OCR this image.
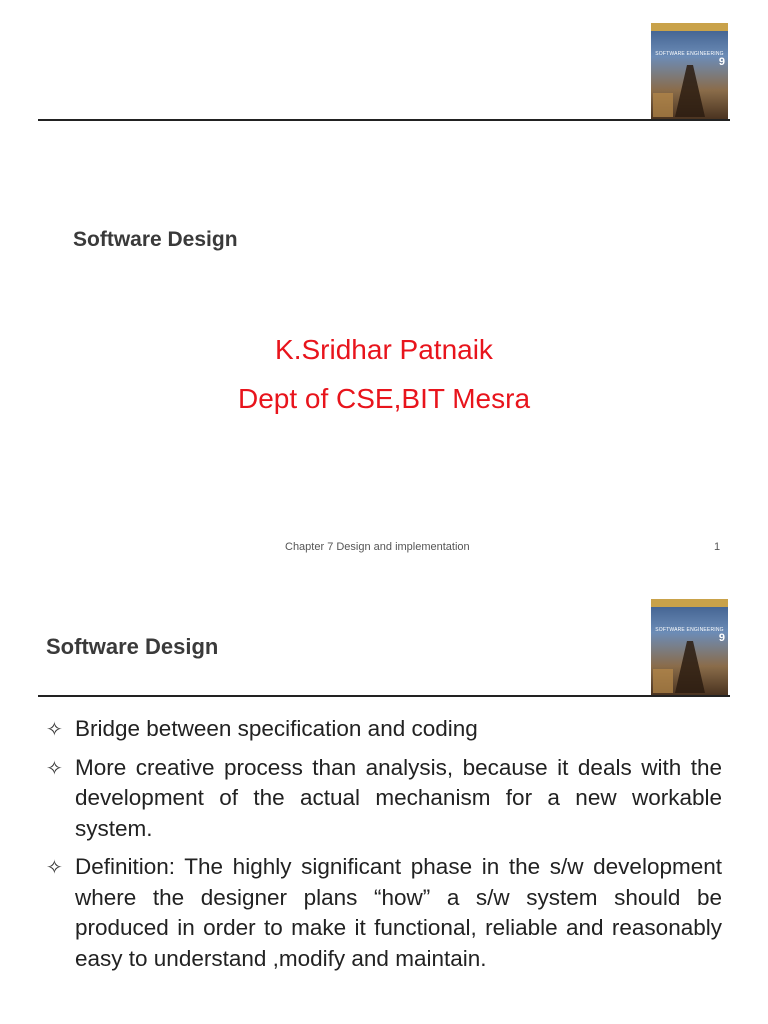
SOFTWARE ENGINEERING
9
Software Design
K.Sridhar Patnaik
Dept of CSE,BIT Mesra
Chapter 7 Design and implementation	1
SOFTWARE ENGINEERING
9
Software Design
✧ Bridge between specification and coding
✧ More creative process than analysis, because it deals with the development of the actual mechanism for a new workable system.
✧ Definition: The highly significant phase in the s/w development where the designer plans “how” a s/w system should be produced in order to make it functional, reliable and reasonably easy to understand ,modify and maintain.
